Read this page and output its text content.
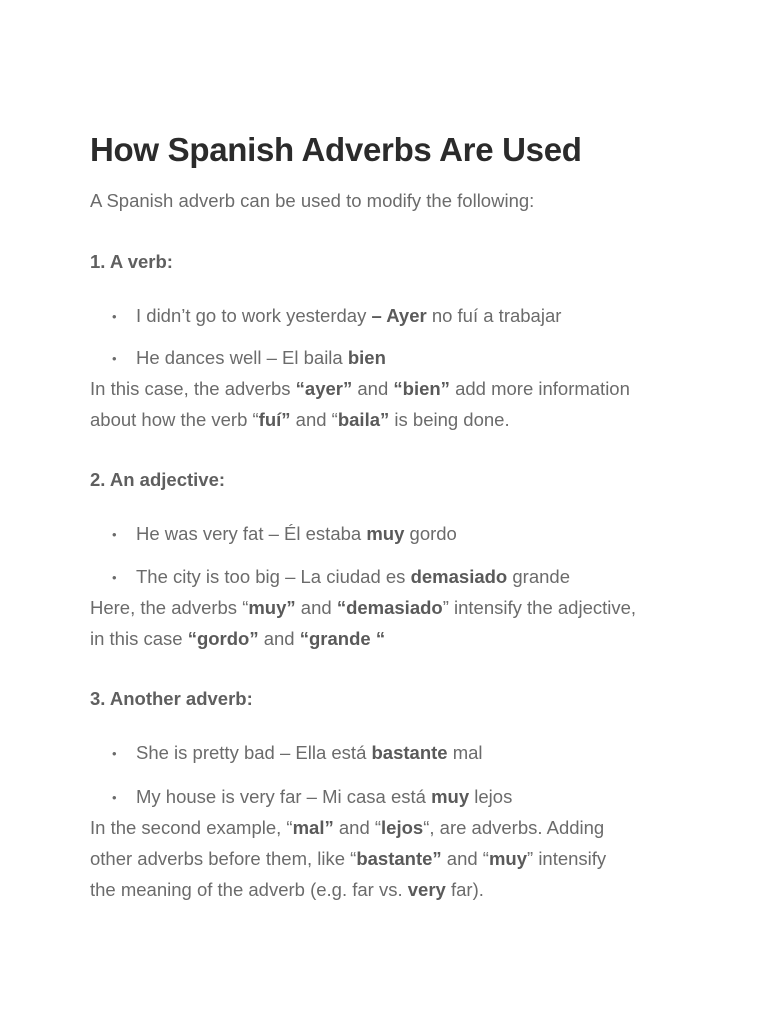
How Spanish Adverbs Are Used

A Spanish adverb can be used to modify the following:

1. A verb:

• I didn’t go to work yesterday – Ayer no fuí a trabajar
• He dances well – El baila bien

In this case, the adverbs “ayer” and “bien” add more information

about how the verb “fuí” and “baila” is being done.

2. An adjective:

• He was very fat – Él estaba muy gordo
• The city is too big – La ciudad es demasiado grande

Here, the adverbs “muy” and “demasiado” intensify the adjective,

in this case “gordo” and “grande “

3. Another adverb:

• She is pretty bad – Ella está bastante mal
• My house is very far – Mi casa está muy lejos

In the second example, “mal” and “lejos“, are adverbs. Adding

other adverbs before them, like “bastante” and “muy” intensify

the meaning of the adverb (e.g. far vs. very far).
